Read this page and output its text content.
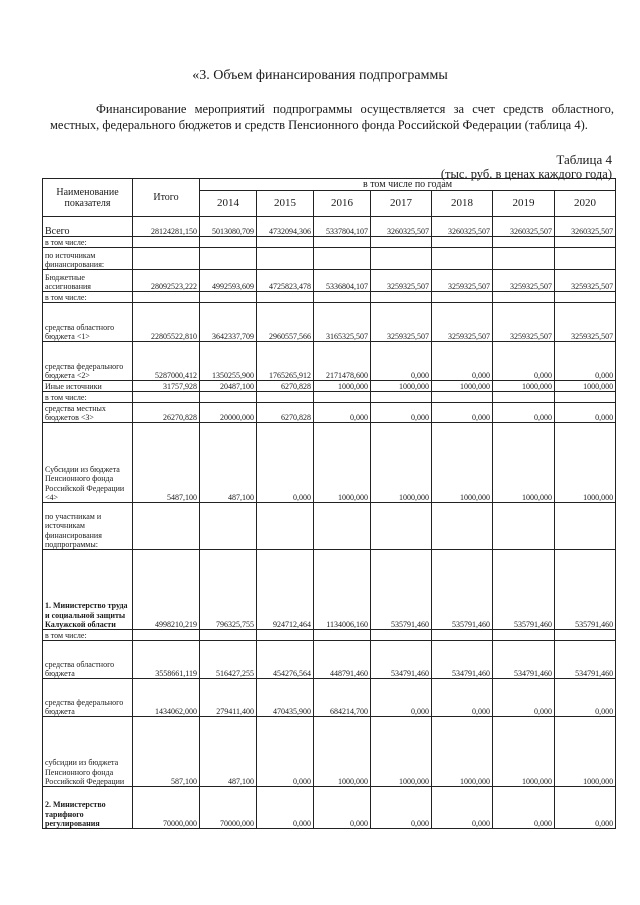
«3. Объем финансирования подпрограммы
Финансирование мероприятий подпрограммы осуществляется за счет средств областного, местных, федерального бюджетов и средств Пенсионного фонда Российской Федерации (таблица 4).
Таблица 4
(тыс. руб. в ценах каждого года)
Наименование показателя	Итого	в том числе по годам						
		2014	2015	2016	2017	2018	2019	2020
Всего	28124281,150	5013080,709	4732094,306	5337804,107	3260325,507	3260325,507	3260325,507	3260325,507
в том числе:								
по источникам финансирования:								
Бюджетные ассигнования	28092523,222	4992593,609	4725823,478	5336804,107	3259325,507	3259325,507	3259325,507	3259325,507
в том числе:								
средства областного бюджета <1>	22805522,810	3642337,709	2960557,566	3165325,507	3259325,507	3259325,507	3259325,507	3259325,507
средства федерального бюджета <2>	5287000,412	1350255,900	1765265,912	2171478,600	0,000	0,000	0,000	0,000
Иные источники	31757,928	20487,100	6270,828	1000,000	1000,000	1000,000	1000,000	1000,000
в том числе:								
средства местных бюджетов <3>	26270,828	20000,000	6270,828	0,000	0,000	0,000	0,000	0,000
Субсидии из бюджета Пенсионного фонда Российской Федерации <4>	5487,100	487,100	0,000	1000,000	1000,000	1000,000	1000,000	1000,000
по участникам и источникам финансирования подпрограммы:								
1. Министерство труда и социальной защиты Калужской области	4998210,219	796325,755	924712,464	1134006,160	535791,460	535791,460	535791,460	535791,460
в том числе:								
средства областного бюджета	3558661,119	516427,255	454276,564	448791,460	534791,460	534791,460	534791,460	534791,460
средства федерального бюджета	1434062,000	279411,400	470435,900	684214,700	0,000	0,000	0,000	0,000
субсидии из бюджета Пенсионного фонда Российской Федерации	587,100	487,100	0,000	1000,000	1000,000	1000,000	1000,000	1000,000
2. Министерство тарифного регулирования	70000,000	70000,000	0,000	0,000	0,000	0,000	0,000	0,000
